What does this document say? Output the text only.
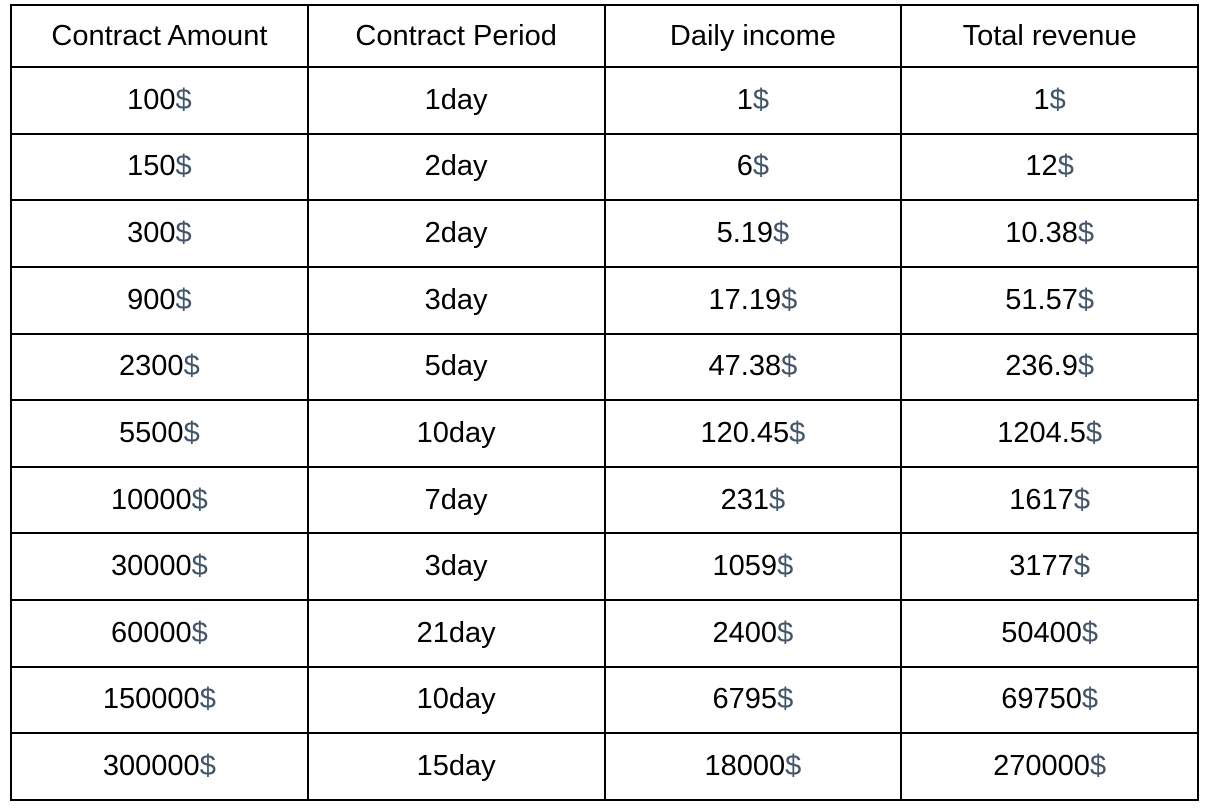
Contract Amount	Contract Period	Daily income	Total revenue
100$	1day	1$	1$
150$	2day	6$	12$
300$	2day	5.19$	10.38$
900$	3day	17.19$	51.57$
2300$	5day	47.38$	236.9$
5500$	10day	120.45$	1204.5$
10000$	7day	231$	1617$
30000$	3day	1059$	3177$
60000$	21day	2400$	50400$
150000$	10day	6795$	69750$
300000$	15day	18000$	270000$
